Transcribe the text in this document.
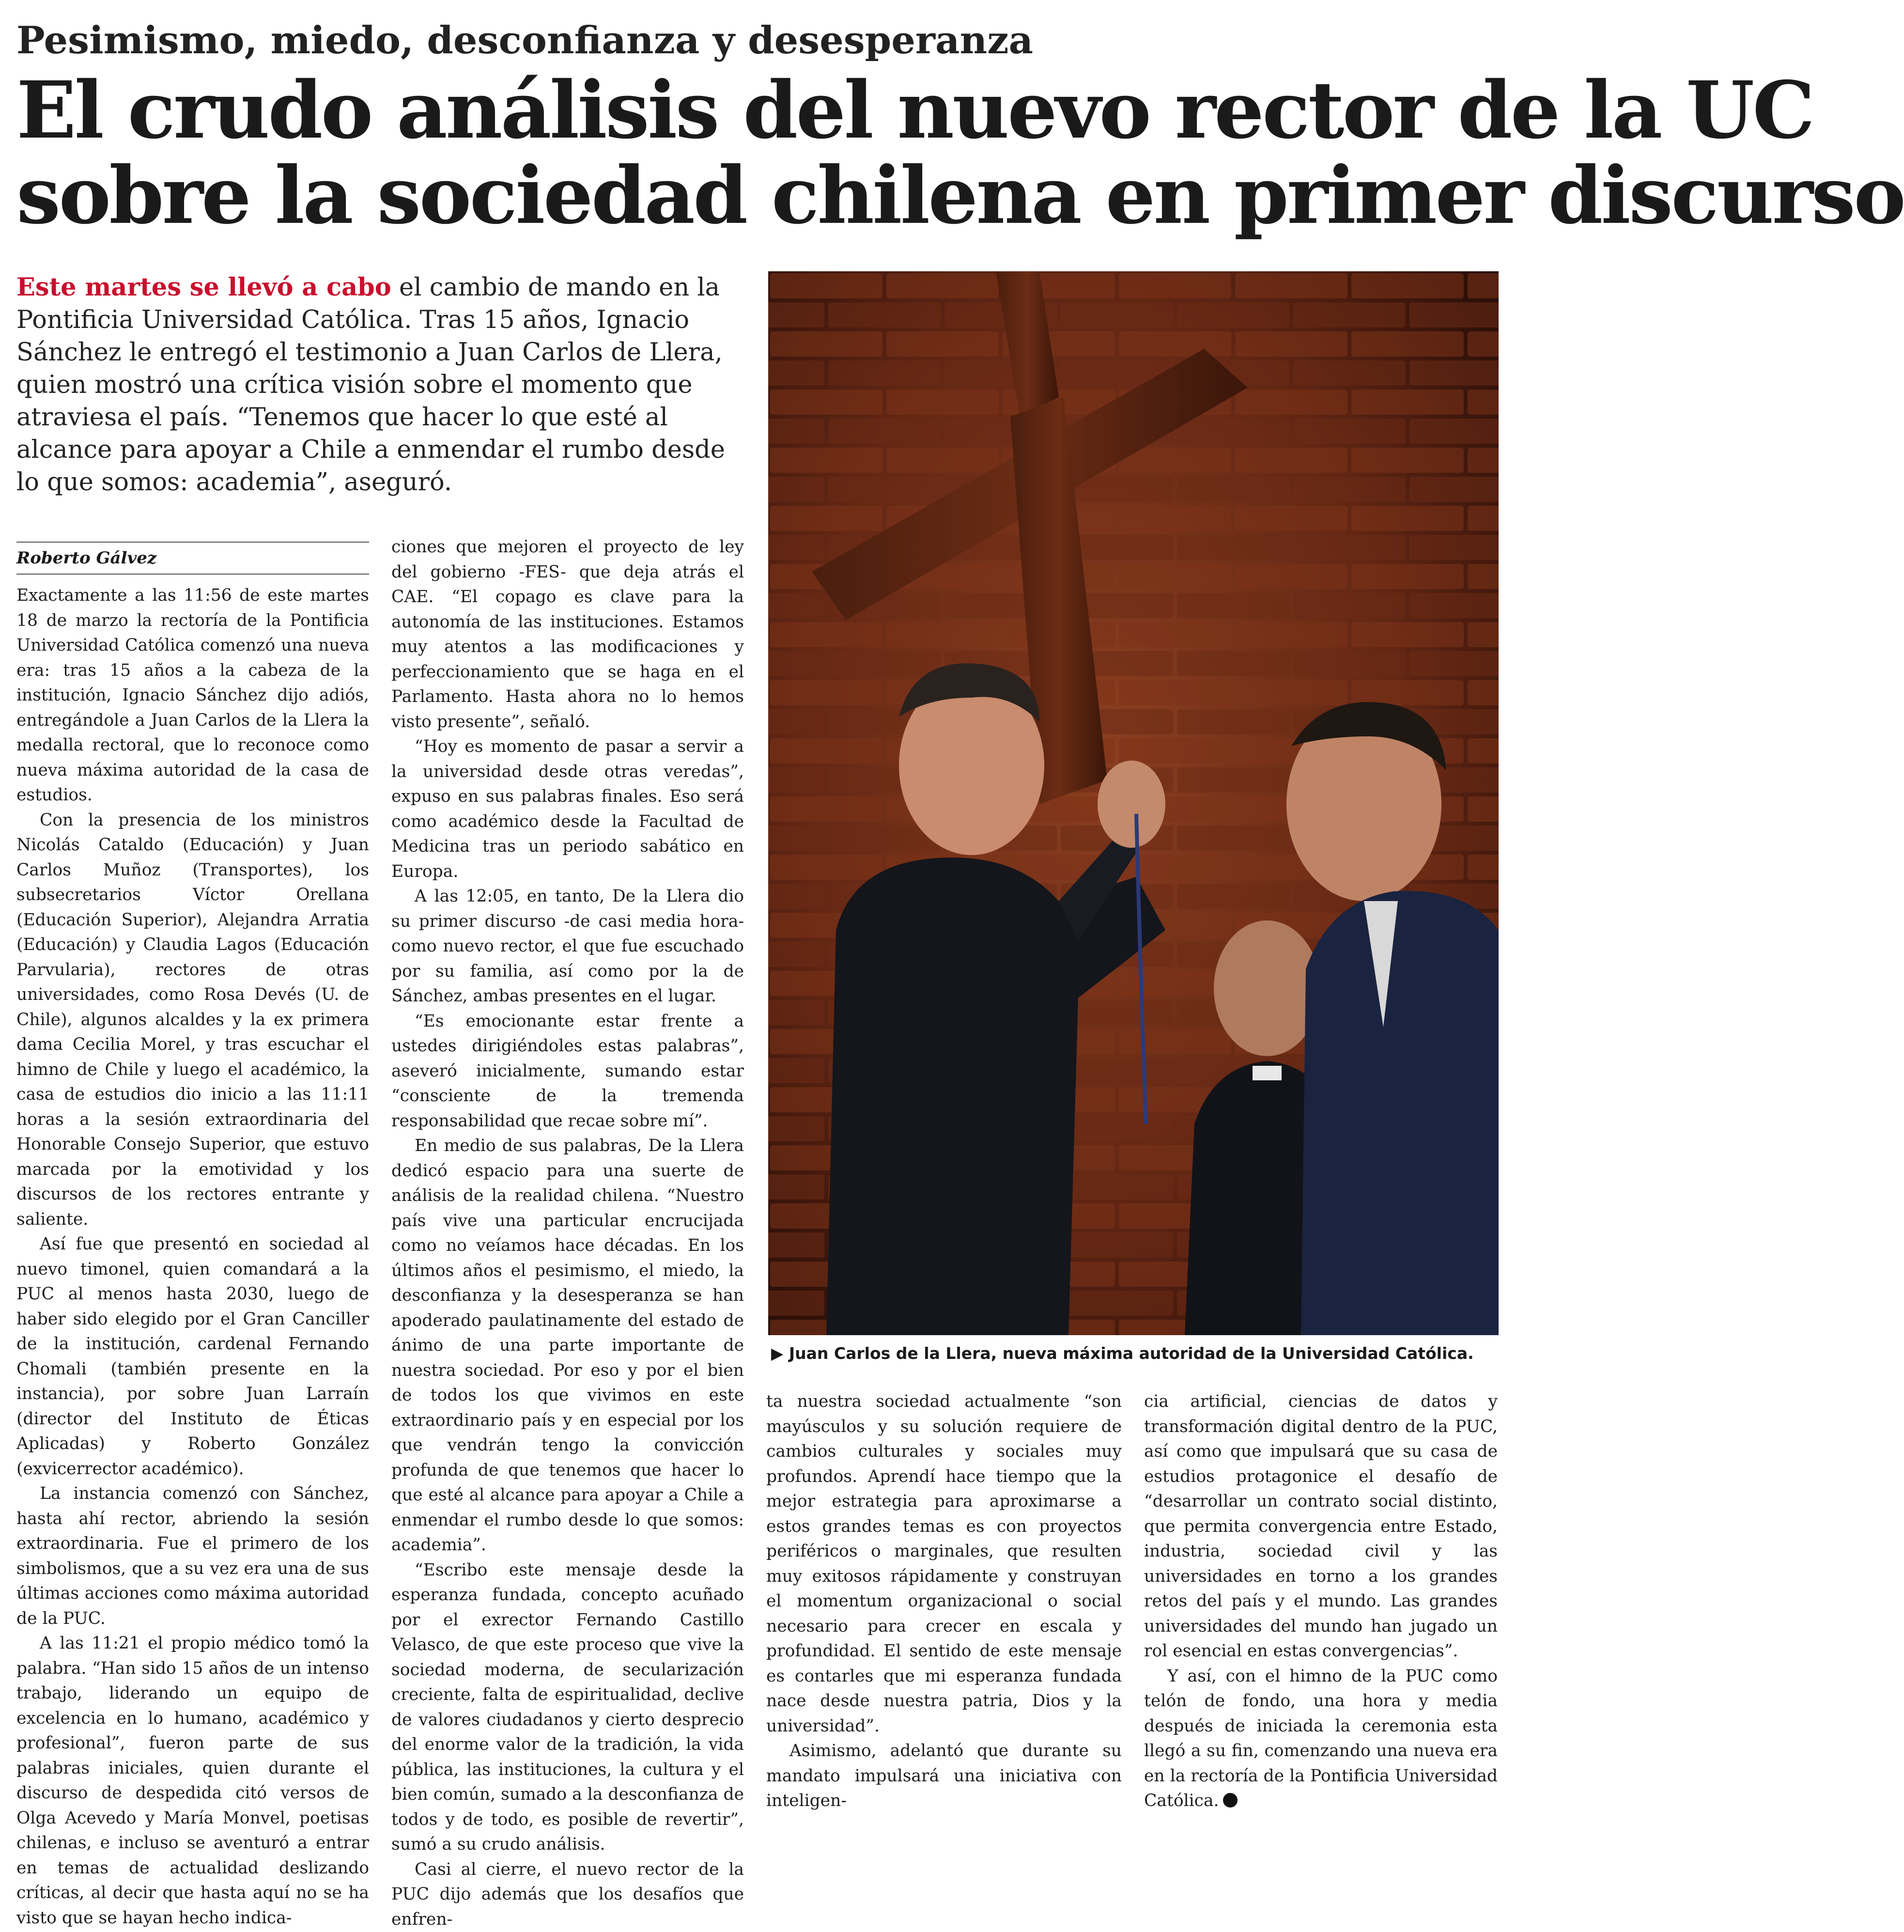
Pesimismo, miedo, desconfianza y desesperanza
El crudo análisis del nuevo rector de la UC
sobre la sociedad chilena en primer discurso
Este martes se llevó a cabo el cambio de mando en la Pontificia Universidad Católica. Tras 15 años, Ignacio Sánchez le entregó el testimonio a Juan Carlos de Llera, quien mostró una crítica visión sobre el momento que atraviesa el país. “Tenemos que hacer lo que esté al alcance para apoyar a Chile a enmendar el rumbo desde lo que somos: academia”, aseguró.
Roberto Gálvez

Exactamente a las 11:56 de este martes 18 de marzo la rectoría de la Pontificia Universidad Católica comenzó una nueva era: tras 15 años a la cabeza de la institución, Ignacio Sánchez dijo adiós, entregándole a Juan Carlos de la Llera la medalla rectoral, que lo reconoce como nueva máxima autoridad de la casa de estudios.

Con la presencia de los ministros Nicolás Cataldo (Educación) y Juan Carlos Muñoz (Transportes), los subsecretarios Víctor Orellana (Educación Superior), Alejandra Arratia (Educación) y Claudia Lagos (Educación Parvularia), rectores de otras universidades, como Rosa Devés (U. de Chile), algunos alcaldes y la ex primera dama Cecilia Morel, y tras escuchar el himno de Chile y luego el académico, la casa de estudios dio inicio a las 11:11 horas a la sesión extraordinaria del Honorable Consejo Superior, que estuvo marcada por la emotividad y los discursos de los rectores entrante y saliente.

Así fue que presentó en sociedad al nuevo timonel, quien comandará a la PUC al menos hasta 2030, luego de haber sido elegido por el Gran Canciller de la institución, cardenal Fernando Chomali (también presente en la instancia), por sobre Juan Larraín (director del Instituto de Éticas Aplicadas) y Roberto González (exvicerrector académico).

La instancia comenzó con Sánchez, hasta ahí rector, abriendo la sesión extraordinaria. Fue el primero de los simbolismos, que a su vez era una de sus últimas acciones como máxima autoridad de la PUC.

A las 11:21 el propio médico tomó la palabra. “Han sido 15 años de un intenso trabajo, liderando un equipo de excelencia en lo humano, académico y profesional”, fueron parte de sus palabras iniciales, quien durante el discurso de despedida citó versos de Olga Acevedo y María Monvel, poetisas chilenas, e incluso se aventuró a entrar en temas de actualidad deslizando críticas, al decir que hasta aquí no se ha visto que se hayan hecho indica-

ciones que mejoren el proyecto de ley del gobierno -FES- que deja atrás el CAE. “El copago es clave para la autonomía de las instituciones. Estamos muy atentos a las modificaciones y perfeccionamiento que se haga en el Parlamento. Hasta ahora no lo hemos visto presente”, señaló.

“Hoy es momento de pasar a servir a la universidad desde otras veredas”, expuso en sus palabras finales. Eso será como académico desde la Facultad de Medicina tras un periodo sabático en Europa.

A las 12:05, en tanto, De la Llera dio su primer discurso -de casi media hora- como nuevo rector, el que fue escuchado por su familia, así como por la de Sánchez, ambas presentes en el lugar.

“Es emocionante estar frente a ustedes dirigiéndoles estas palabras”, aseveró inicialmente, sumando estar “consciente de la tremenda responsabilidad que recae sobre mí”.

En medio de sus palabras, De la Llera dedicó espacio para una suerte de análisis de la realidad chilena. “Nuestro país vive una particular encrucijada como no veíamos hace décadas. En los últimos años el pesimismo, el miedo, la desconfianza y la desesperanza se han apoderado paulatinamente del estado de ánimo de una parte importante de nuestra sociedad. Por eso y por el bien de todos los que vivimos en este extraordinario país y en especial por los que vendrán tengo la convicción profunda de que tenemos que hacer lo que esté al alcance para apoyar a Chile a enmendar el rumbo desde lo que somos: academia”.

“Escribo este mensaje desde la esperanza fundada, concepto acuñado por el exrector Fernando Castillo Velasco, de que este proceso que vive la sociedad moderna, de secularización creciente, falta de espiritualidad, declive de valores ciudadanos y cierto desprecio del enorme valor de la tradición, la vida pública, las instituciones, la cultura y el bien común, sumado a la desconfianza de todos y de todo, es posible de revertir”, sumó a su crudo análisis.

Casi al cierre, el nuevo rector de la PUC dijo además que los desafíos que enfren-

▶ Juan Carlos de la Llera, nueva máxima autoridad de la Universidad Católica.

ta nuestra sociedad actualmente “son mayúsculos y su solución requiere de cambios culturales y sociales muy profundos. Aprendí hace tiempo que la mejor estrategia para aproximarse a estos grandes temas es con proyectos periféricos o marginales, que resulten muy exitosos rápidamente y construyan el momentum organizacional o social necesario para crecer en escala y profundidad. El sentido de este mensaje es contarles que mi esperanza fundada nace desde nuestra patria, Dios y la universidad”.

Asimismo, adelantó que durante su mandato impulsará una iniciativa con inteligen-

cia artificial, ciencias de datos y transformación digital dentro de la PUC, así como que impulsará que su casa de estudios protagonice el desafío de “desarrollar un contrato social distinto, que permita convergencia entre Estado, industria, sociedad civil y las universidades en torno a los grandes retos del país y el mundo. Las grandes universidades del mundo han jugado un rol esencial en estas convergencias”.

Y así, con el himno de la PUC como telón de fondo, una hora y media después de iniciada la ceremonia esta llegó a su fin, comenzando una nueva era en la rectoría de la Pontificia Universidad Católica.
